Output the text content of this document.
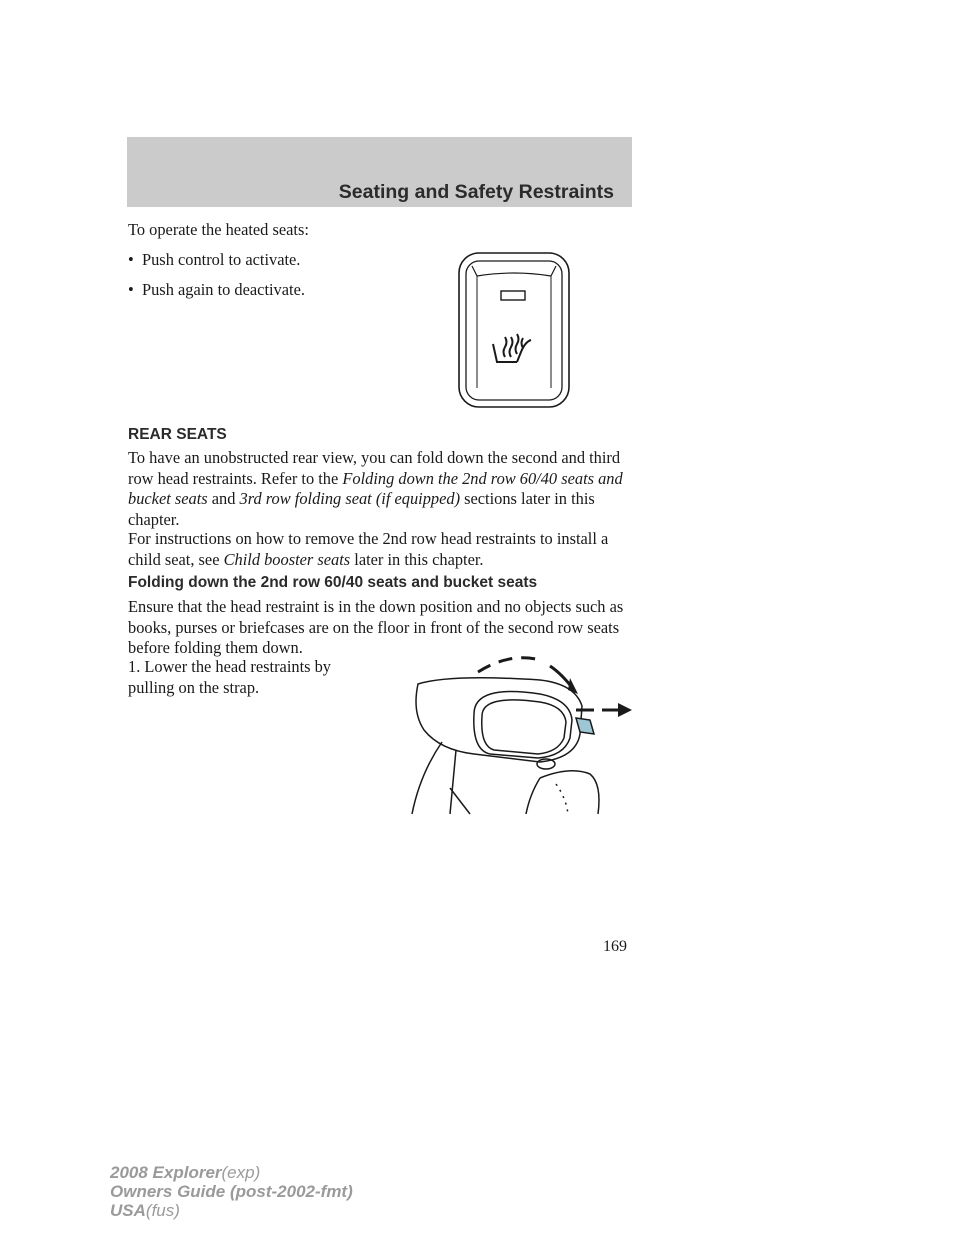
Seating and Safety Restraints

To operate the heated seats:

• Push control to activate.
• Push again to deactivate.
REAR SEATS

To have an unobstructed rear view, you can fold down the second and third row head restraints. Refer to the Folding down the 2nd row 60/40 seats and bucket seats and 3rd row folding seat (if equipped) sections later in this chapter.

For instructions on how to remove the 2nd row head restraints to install a child seat, see Child booster seats later in this chapter.

Folding down the 2nd row 60/40 seats and bucket seats

Ensure that the head restraint is in the down position and no objects such as books, purses or briefcases are on the floor in front of the second row seats before folding them down.

1. Lower the head restraints by pulling on the strap.

169
2008 Explorer(exp)
Owners Guide (post-2002-fmt)
USA(fus)
